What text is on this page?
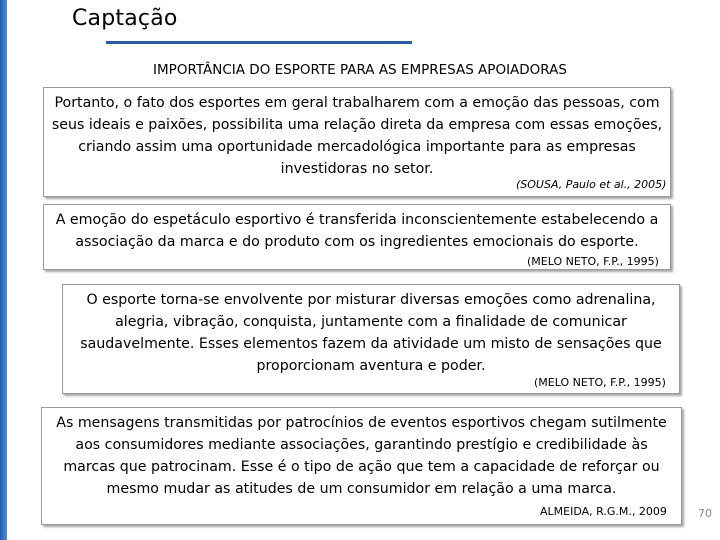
Captação
IMPORTÂNCIA DO ESPORTE PARA AS EMPRESAS APOIADORAS

Portanto, o fato dos esportes em geral trabalharem com a emoção das pessoas, com seus ideais e paixões, possibilita uma relação direta da empresa com essas emoções, criando assim uma oportunidade mercadológica importante para as empresas investidoras no setor.

(SOUSA, Paulo et al., 2005)

A emoção do espetáculo esportivo é transferida inconscientemente estabelecendo a associação da marca e do produto com os ingredientes emocionais do esporte.

(MELO NETO, F.P., 1995)

O esporte torna-se envolvente por misturar diversas emoções como adrenalina, alegria, vibração, conquista, juntamente com a finalidade de comunicar saudavelmente. Esses elementos fazem da atividade um misto de sensações que proporcionam aventura e poder.

(MELO NETO, F.P., 1995)

As mensagens transmitidas por patrocínios de eventos esportivos chegam sutilmente aos consumidores mediante associações, garantindo prestígio e credibilidade às marcas que patrocinam. Esse é o tipo de ação que tem a capacidade de reforçar ou mesmo mudar as atitudes de um consumidor em relação a uma marca.

ALMEIDA, R.G.M., 2009	70
